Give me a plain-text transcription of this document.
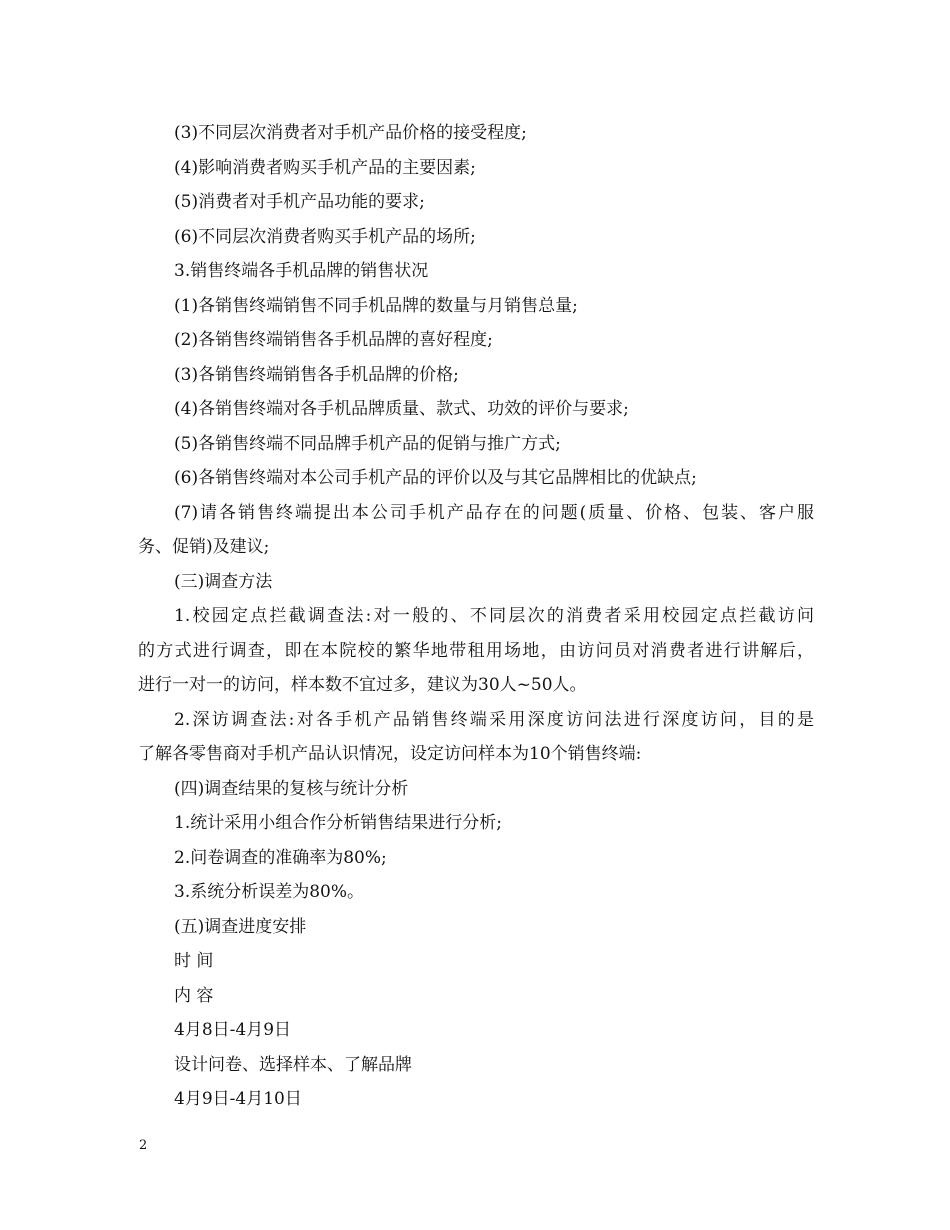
(3)不同层次消费者对手机产品价格的接受程度;
(4)影响消费者购买手机产品的主要因素;
(5)消费者对手机产品功能的要求;
(6)不同层次消费者购买手机产品的场所;
3.销售终端各手机品牌的销售状况
(1)各销售终端销售不同手机品牌的数量与月销售总量;
(2)各销售终端销售各手机品牌的喜好程度;
(3)各销售终端销售各手机品牌的价格;
(4)各销售终端对各手机品牌质量、款式、功效的评价与要求;
(5)各销售终端不同品牌手机产品的促销与推广方式;
(6)各销售终端对本公司手机产品的评价以及与其它品牌相比的优缺点;
(7)请各销售终端提出本公司手机产品存在的问题(质量、价格、包装、客户服
务、促销)及建议;
(三)调查方法
1.校园定点拦截调查法:对一般的、不同层次的消费者采用校园定点拦截访问
的方式进行调查，即在本院校的繁华地带租用场地，由访问员对消费者进行讲解后，
进行一对一的访问，样本数不宜过多，建议为30人~50人。
2.深访调查法:对各手机产品销售终端采用深度访问法进行深度访问，目的是
了解各零售商对手机产品认识情况，设定访问样本为10个销售终端:
(四)调查结果的复核与统计分析
1.统计采用小组合作分析销售结果进行分析;
2.问卷调查的准确率为80%;
3.系统分析误差为80%。
(五)调查进度安排
时 间
内 容
4月8日-4月9日
设计问卷、选择样本、了解品牌
4月9日-4月10日
2
